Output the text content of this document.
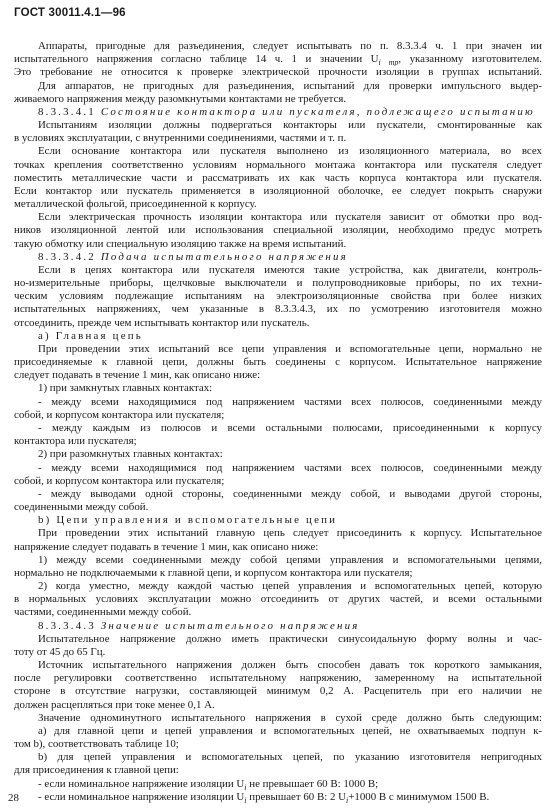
ГОСТ 30011.4.1—96
Аппараты, пригодные для разъединения, следует испытывать по п. 8.3.3.4 ч. 1 при значен ии
испытательного напряжения согласно таблице 14 ч. 1 и значении $U_{i mp}$, указанному изготовителем.
Это требование не относится к проверке электрической прочности изоляции в группах испытаний.
Для аппаратов, не пригодных для разъединения, испытаний для проверки импульсного выдер-
живаемого напряжения между разомкнутыми контактами не требуется.
8.3.3.4.1 Состояние контактора или пускателя, подлежащего испытанию
Испытаниям изоляции должны подвергаться контакторы или пускатели, смонтированные как
в условиях эксплуатации, с внутренними соединениями, частями и т. п.
Если основание контактора или пускателя выполнено из изоляционного материала, во всех
точках крепления соответственно условиям нормального монтажа контактора или пускателя следует
поместить металлические части и рассматривать их как часть корпуса контактора или пускателя.
Если контактор или пускатель применяется в изоляционной оболочке, ее следует покрыть снаружи
металлической фольгой, присоединенной к корпусу.
Если электрическая прочность изоляции контактора или пускателя зависит от обмотки про вод-
ников изоляционной лентой или использования специальной изоляции, необходимо предус мотреть
такую обмотку или специальную изоляцию также на время испытаний.
8.3.3.4.2 Подача испытательного напряжения
Если в цепях контактора или пускателя имеются такие устройства, как двигатели, контроль-
но-измерительные приборы, щелчковые выключатели и полупроводниковые приборы, по их техни-
ческим условиям подлежащие испытаниям на электроизоляционные свойства при более низких
испытательных напряжениях, чем указанные в 8.3.3.4.3, их по усмотрению изготовителя можно
отсоединить, прежде чем испытывать контактор или пускатель.
а) Главная цепь
При проведении этих испытаний все цепи управления и вспомогательные цепи, нормально не
присоединяемые к главной цепи, должны быть соединены с корпусом. Испытательное напряжение
следует подавать в течение 1 мин, как описано ниже:
1) при замкнутых главных контактах:
- между всеми находящимися под напряжением частями всех полюсов, соединенными между
собой, и корпусом контактора или пускателя;
- между каждым из полюсов и всеми остальными полюсами, присоединенными к корпусу
контактора или пускателя;
2) при разомкнутых главных контактах:
- между всеми находящимися под напряжением частями всех полюсов, соединенными между
собой, и корпусом контактора или пускателя;
- между выводами одной стороны, соединенными между собой, и выводами другой стороны,
соединенными между собой.
b) Цепи управления и вспомогательные цепи
При проведении этих испытаний главную цепь следует присоединить к корпусу. Испытательное
напряжение следует подавать в течение 1 мин, как описано ниже:
1) между всеми соединенными между собой цепями управления и вспомогательными цепями,
нормально не подключаемыми к главной цепи, и корпусом контактора или пускателя;
2) когда уместно, между каждой частью цепей управления и вспомогательных цепей, которую
в нормальных условиях эксплуатации можно отсоединить от других частей, и всеми остальными
частями, соединенными между собой.
8.3.3.4.3 Значение испытательного напряжения
Испытательное напряжение должно иметь практически синусоидальную форму волны и час-
тоту от 45 до 65 Гц.
Источник испытательного напряжения должен быть способен давать ток короткого замыкания,
после регулировки соответственно испытательному напряжению, замеренному на испытательной
стороне в отсутствие нагрузки, составляющей минимум 0,2 А. Расцепитель при его наличии не
должен расцепляться при токе менее 0,1 А.
Значение одноминутного испытательного напряжения в сухой среде должно быть следующим:
а) для главной цепи и цепей управления и вспомогательных цепей, не охватываемых подпун к-
том b), соответствовать таблице 10;
b) для цепей управления и вспомогательных цепей, по указанию изготовителя непригодных
для присоединения к главной цепи:
- если номинальное напряжение изоляции $U_i$ не превышает 60 В: 1000 В;
- если номинальное напряжение изоляции $U_i$ превышает 60 В: 2 $U_i+1000$ В с минимумом 1500 В.
28
